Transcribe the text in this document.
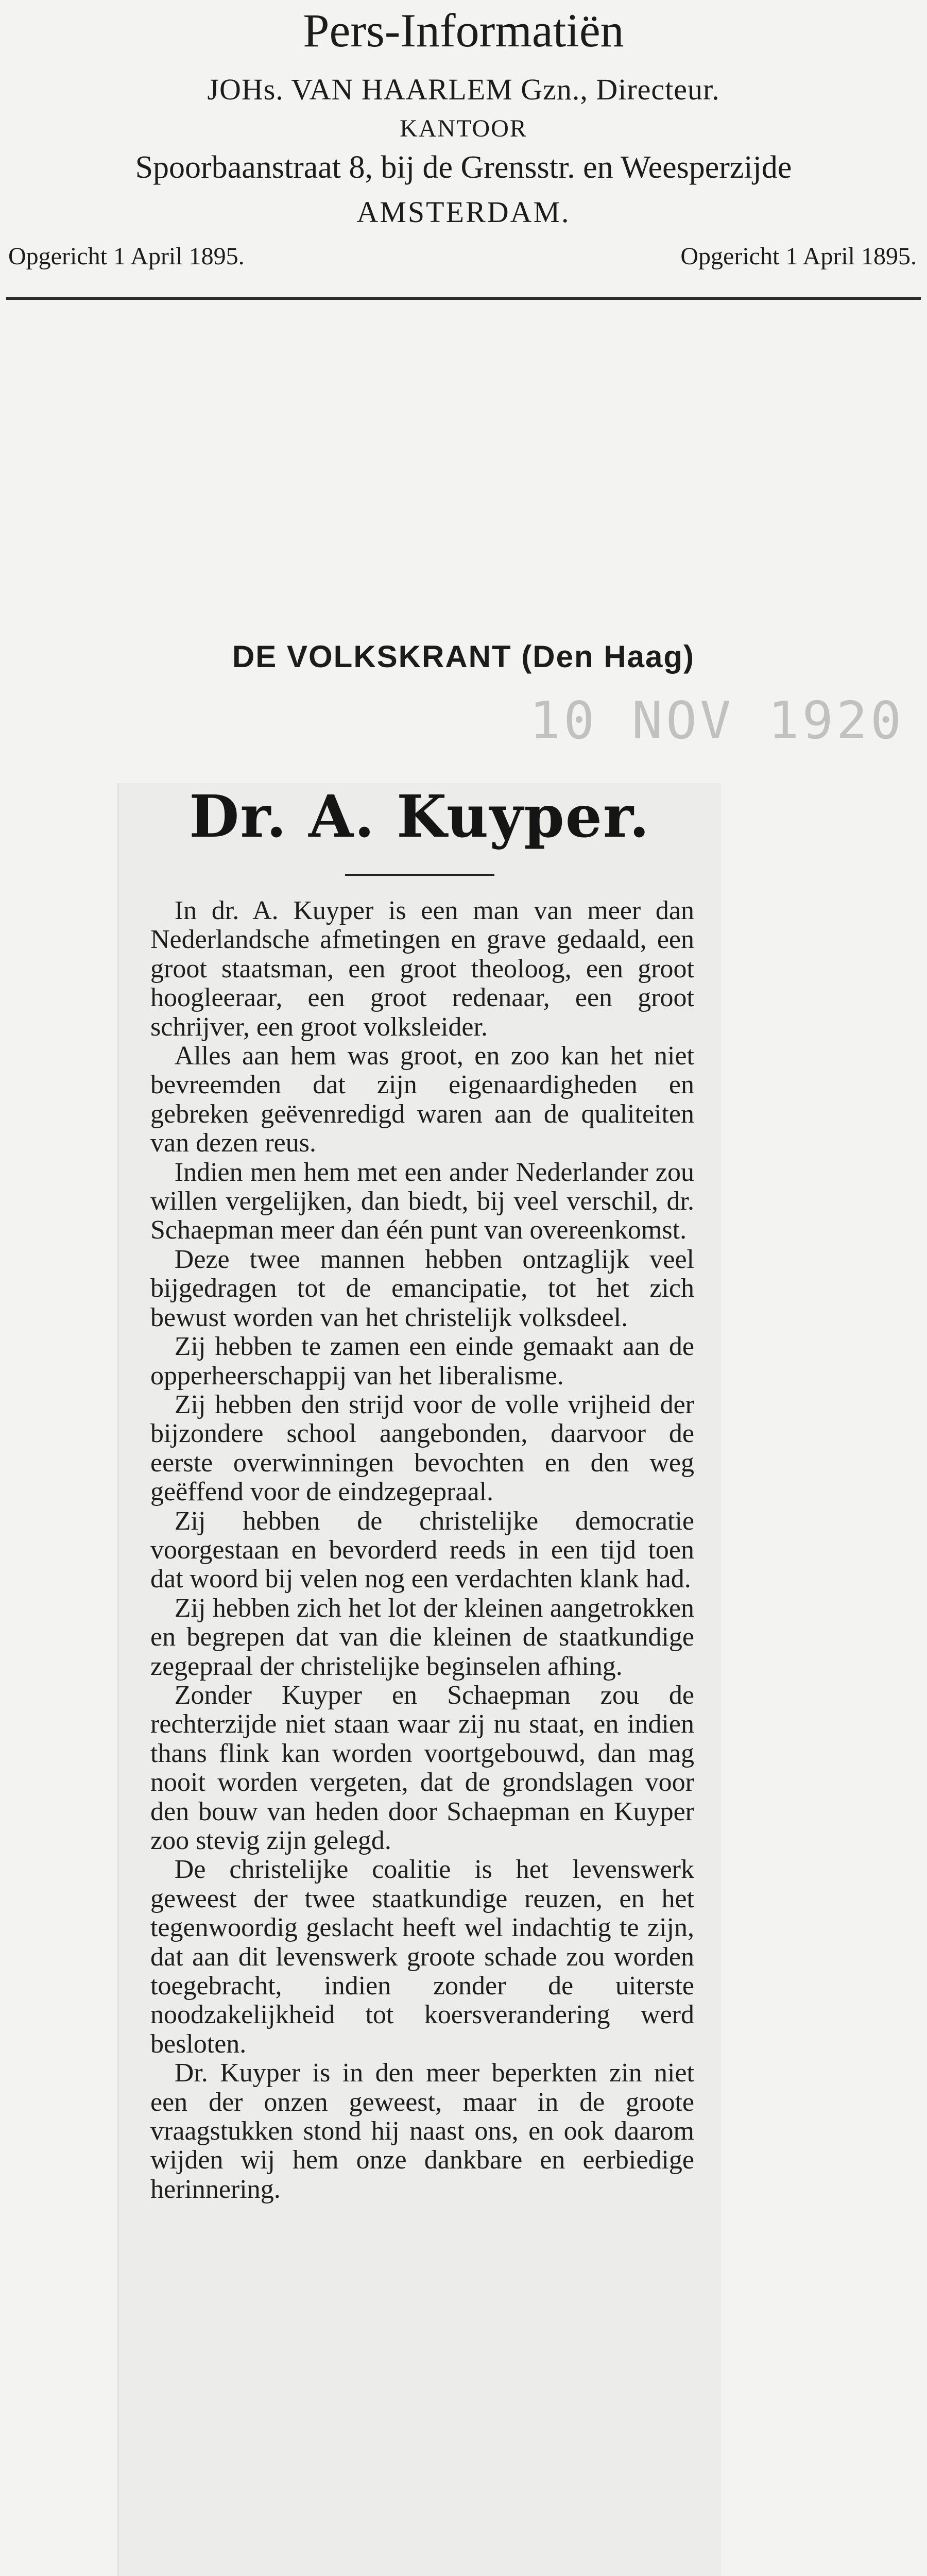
Pers-Informatiën
JOHs. VAN HAARLEM Gzn., Directeur.
KANTOOR
Spoorbaanstraat 8, bij de Grensstr. en Weesperzijde
AMSTERDAM.
Opgericht 1 April 1895.	Opgericht 1 April 1895.
DE VOLKSKRANT (Den Haag)
10 NOV 1920
Dr. A. Kuyper.

In dr. A. Kuyper is een man van meer dan Nederlandsche afmetingen en grave gedaald, een groot staatsman, een groot theoloog, een groot hoogleeraar, een groot redenaar, een groot schrijver, een groot volksleider.

Alles aan hem was groot, en zoo kan het niet bevreemden dat zijn eigenaardigheden en gebreken geëvenredigd waren aan de qualiteiten van dezen reus.

Indien men hem met een ander Nederlander zou willen vergelijken, dan biedt, bij veel verschil, dr. Schaepman meer dan één punt van overeenkomst.

Deze twee mannen hebben ontzaglijk veel bijgedragen tot de emancipatie, tot het zich bewust worden van het christelijk volksdeel.

Zij hebben te zamen een einde gemaakt aan de opperheerschappij van het liberalisme.

Zij hebben den strijd voor de volle vrijheid der bijzondere school aangebonden, daarvoor de eerste overwinningen bevochten en den weg geëffend voor de eindzegepraal.

Zij hebben de christelijke democratie voorgestaan en bevorderd reeds in een tijd toen dat woord bij velen nog een verdachten klank had.

Zij hebben zich het lot der kleinen aangetrokken en begrepen dat van die kleinen de staatkundige zegepraal der christelijke beginselen afhing.

Zonder Kuyper en Schaepman zou de rechterzijde niet staan waar zij nu staat, en indien thans flink kan worden voortgebouwd, dan mag nooit worden vergeten, dat de grondslagen voor den bouw van heden door Schaepman en Kuyper zoo stevig zijn gelegd.

De christelijke coalitie is het levenswerk geweest der twee staatkundige reuzen, en het tegenwoordig geslacht heeft wel indachtig te zijn, dat aan dit levenswerk groote schade zou worden toegebracht, indien zonder de uiterste noodzakelijkheid tot koersverandering werd besloten.

Dr. Kuyper is in den meer beperkten zin niet een der onzen geweest, maar in de groote vraagstukken stond hij naast ons, en ook daarom wijden wij hem onze dankbare en eerbiedige herinnering.
